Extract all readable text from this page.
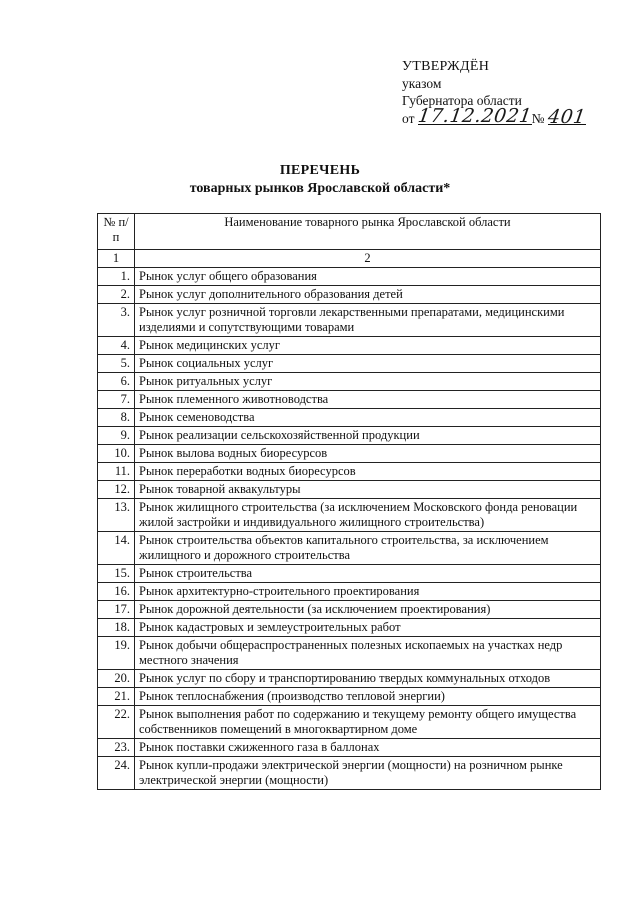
УТВЕРЖДЁН
указом
Губернатора области
от 17.12.2021№ 401
ПЕРЕЧЕНЬ
товарных рынков Ярославской области*
№ п/п	Наименование товарного рынка Ярославской области
1	2
1.	Рынок услуг общего образования
2.	Рынок услуг дополнительного образования детей
3.	Рынок услуг розничной торговли лекарственными препаратами, медицинскими изделиями и сопутствующими товарами
4.	Рынок медицинских услуг
5.	Рынок социальных услуг
6.	Рынок ритуальных услуг
7.	Рынок племенного животноводства
8.	Рынок семеноводства
9.	Рынок реализации сельскохозяйственной продукции
10.	Рынок вылова водных биоресурсов
11.	Рынок переработки водных биоресурсов
12.	Рынок товарной аквакультуры
13.	Рынок жилищного строительства (за исключением Московского фонда реновации жилой застройки и индивидуального жилищного строительства)
14.	Рынок строительства объектов капитального строительства, за исключением жилищного и дорожного строительства
15.	Рынок строительства
16.	Рынок архитектурно-строительного проектирования
17.	Рынок дорожной деятельности (за исключением проектирования)
18.	Рынок кадастровых и землеустроительных работ
19.	Рынок добычи общераспространенных полезных ископаемых на участках недр местного значения
20.	Рынок услуг по сбору и транспортированию твердых коммунальных отходов
21.	Рынок теплоснабжения (производство тепловой энергии)
22.	Рынок выполнения работ по содержанию и текущему ремонту общего имущества собственников помещений в многоквартирном доме
23.	Рынок поставки сжиженного газа в баллонах
24.	Рынок купли-продажи электрической энергии (мощности) на розничном рынке электрической энергии (мощности)
